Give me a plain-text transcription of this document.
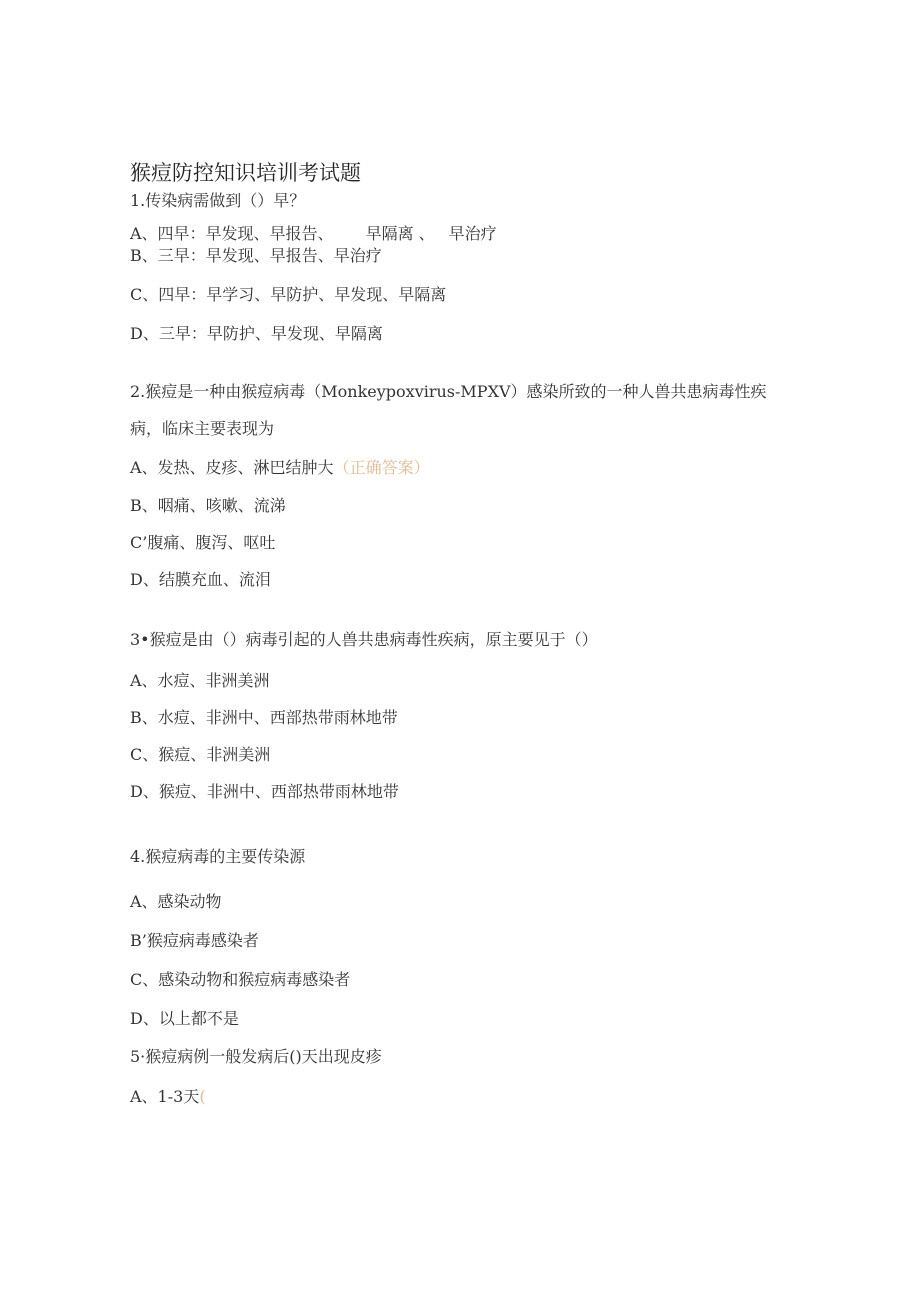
猴痘防控知识培训考试题
1.传染病需做到（）早？
A、四早：早发现、早报告、 早隔离 、 早治疗
B、三早：早发现、早报告、早治疗
C、四早：早学习、早防护、早发现、早隔离
D、三早：早防护、早发现、早隔离
2.猴痘是一种由猴痘病毒（Monkeypoxvirus-MPXV）感染所致的一种人兽共患病毒性疾
病，临床主要表现为
A、发热、皮疹、淋巴结肿大（正确答案）
B、咽痛、咳嗽、流涕
C’腹痛、腹泻、呕吐
D、结膜充血、流泪
3•猴痘是由（）病毒引起的人兽共患病毒性疾病，原主要见于（）
A、水痘、非洲美洲
B、水痘、非洲中、西部热带雨林地带
C、猴痘、非洲美洲
D、猴痘、非洲中、西部热带雨林地带
4.猴痘病毒的主要传染源
A、感染动物
B’猴痘病毒感染者
C、感染动物和猴痘病毒感染者
D、以上都不是
5·猴痘病例一般发病后()天出现皮疹
A、1-3天(
